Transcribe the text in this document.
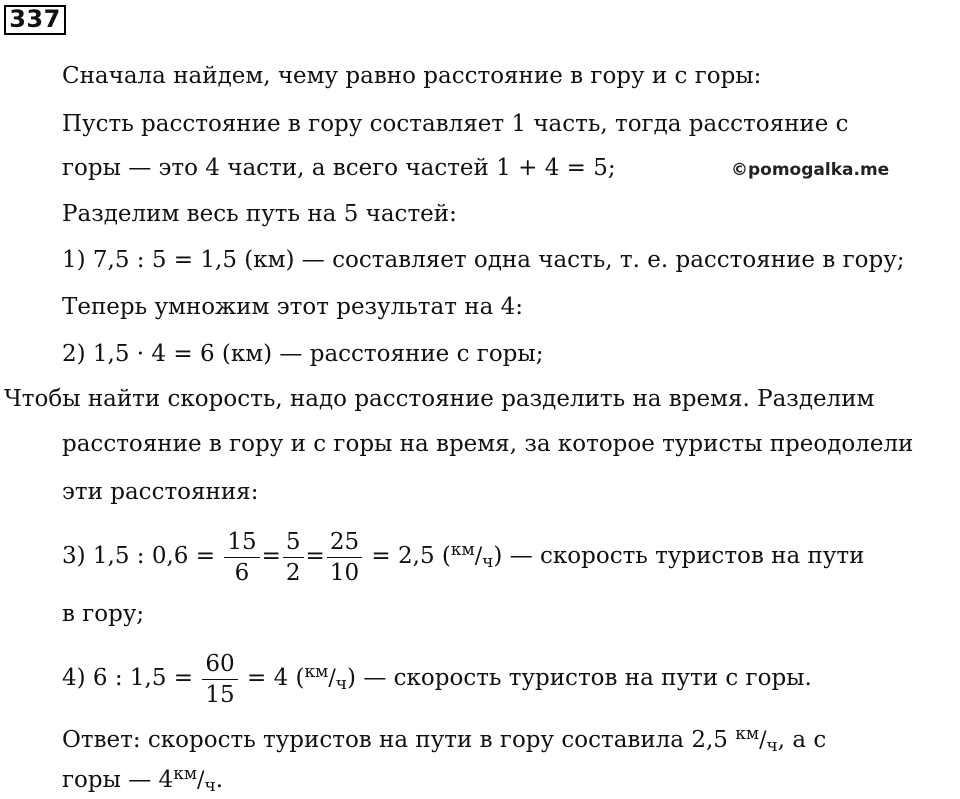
337
Сначала найдем, чему равно расстояние в гору и с горы:
Пусть расстояние в гору составляет 1 часть, тогда расстояние с
горы — это 4 части, а всего частей 1 + 4 = 5;	©pomogalka.me
Разделим весь путь на 5 частей:
1) 7,5 : 5 = 1,5 (км) — составляет одна часть, т. е. расстояние в гору;
Теперь умножим этот результат на 4:
2) 1,5 · 4 = 6 (км) — расстояние с горы;
Чтобы найти скорость, надо расстояние разделить на время. Разделим
расстояние в гору и с горы на время, за которое туристы преодолели
эти расстояния:
3) 1,5 : $0,6 = \frac{15}{6} = \frac{5}{2} = \frac{25}{10} = 2,5$ (км/ч) — скорость туристов на пути
в гору;
4) 6 : $1,5 = \frac{60}{15} = 4$ (км/ч) — скорость туристов на пути с горы.
Ответ: скорость туристов на пути в гору составила 2,5 км/ч, а с
горы — 4км/ч.
